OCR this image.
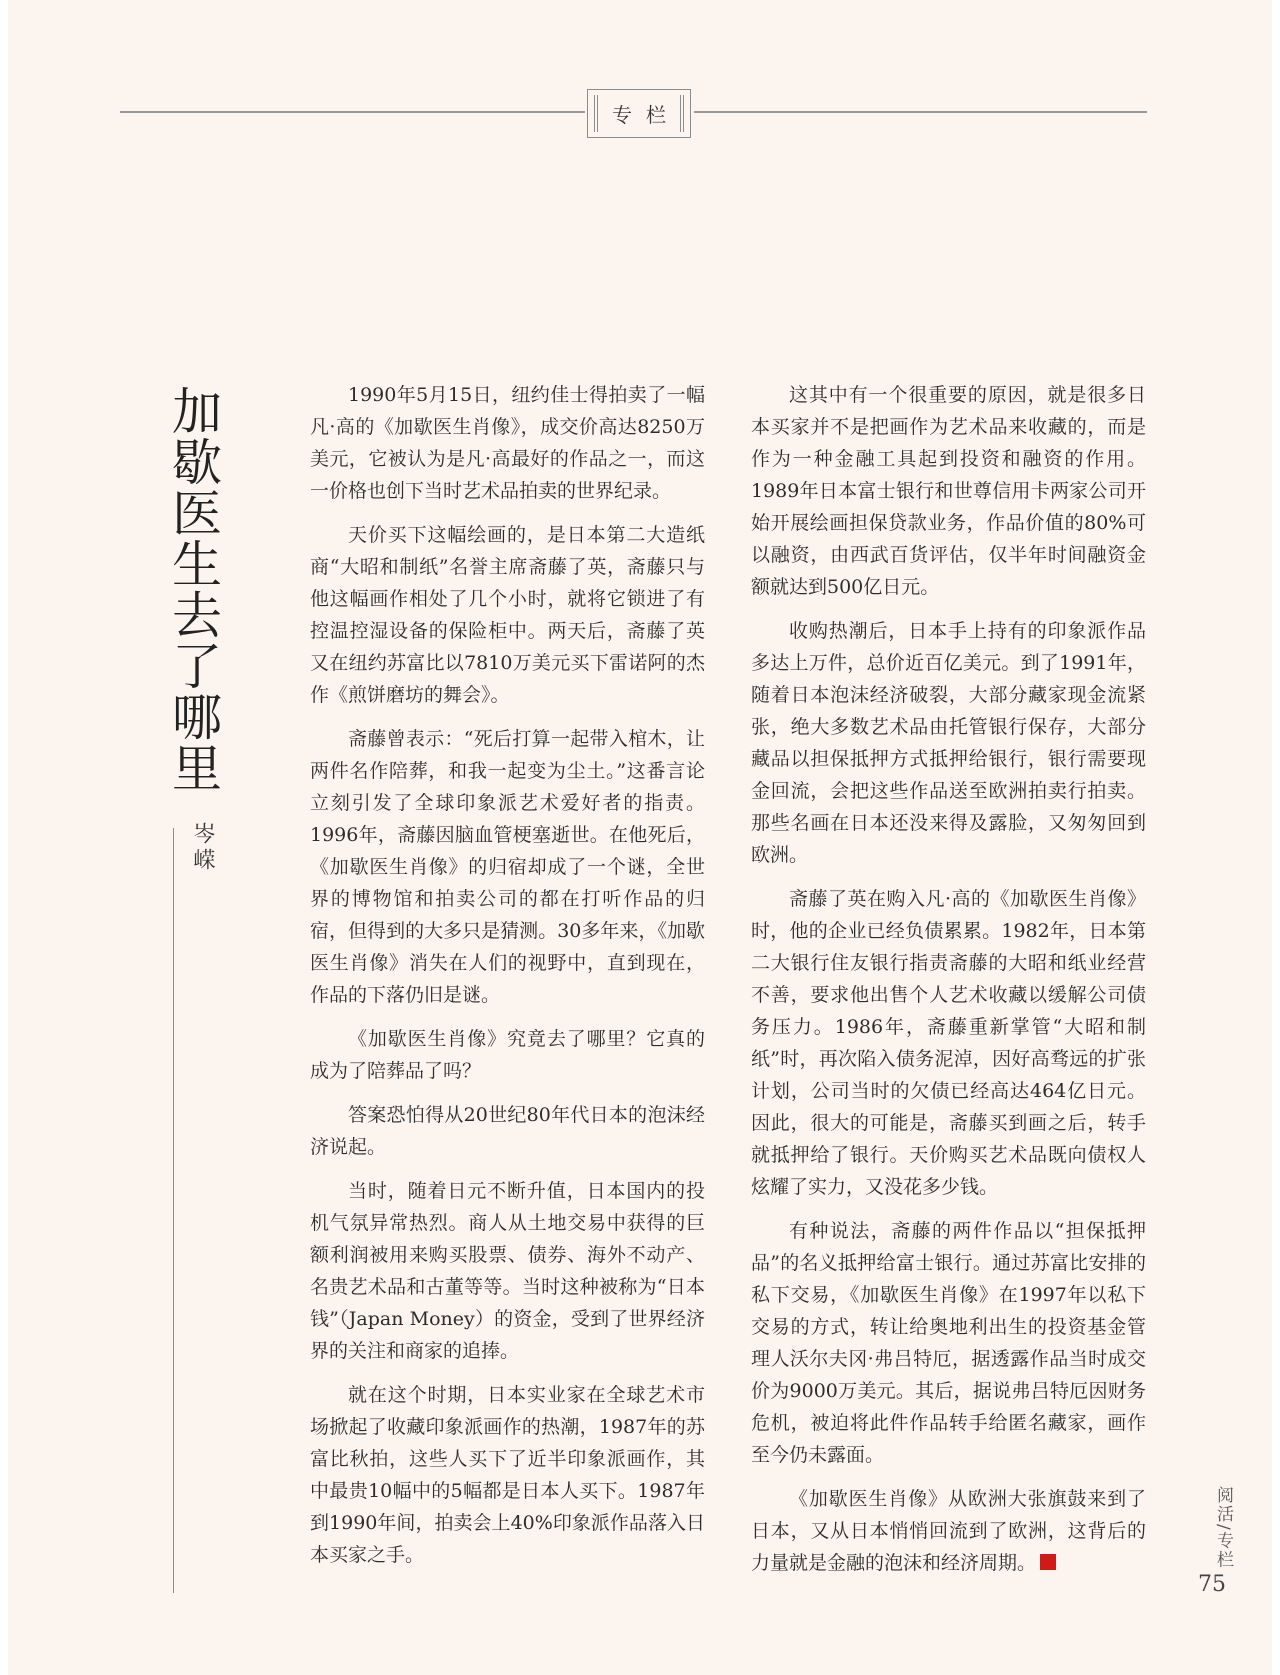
专栏
加歇医生去了哪里
岑嵘

1990年5月15日，纽约佳士得拍卖了一幅凡·高的《加歇医生肖像》，成交价高达8250万美元，它被认为是凡·高最好的作品之一，而这一价格也创下当时艺术品拍卖的世界纪录。

天价买下这幅绘画的，是日本第二大造纸商“大昭和制纸”名誉主席斋藤了英，斋藤只与他这幅画作相处了几个小时，就将它锁进了有控温控湿设备的保险柜中。两天后，斋藤了英又在纽约苏富比以7810万美元买下雷诺阿的杰作《煎饼磨坊的舞会》。

斋藤曾表示：“死后打算一起带入棺木，让两件名作陪葬，和我一起变为尘土。”这番言论立刻引发了全球印象派艺术爱好者的指责。1996年，斋藤因脑血管梗塞逝世。在他死后，《加歇医生肖像》的归宿却成了一个谜，全世界的博物馆和拍卖公司的都在打听作品的归宿，但得到的大多只是猜测。30多年来，《加歇医生肖像》消失在人们的视野中，直到现在，作品的下落仍旧是谜。

《加歇医生肖像》究竟去了哪里？它真的成为了陪葬品了吗？

答案恐怕得从20世纪80年代日本的泡沫经济说起。

当时，随着日元不断升值，日本国内的投机气氛异常热烈。商人从土地交易中获得的巨额利润被用来购买股票、债券、海外不动产、名贵艺术品和古董等等。当时这种被称为“日本钱”（Japan Money）的资金，受到了世界经济界的关注和商家的追捧。

就在这个时期，日本实业家在全球艺术市场掀起了收藏印象派画作的热潮，1987年的苏富比秋拍，这些人买下了近半印象派画作，其中最贵10幅中的5幅都是日本人买下。1987年到1990年间，拍卖会上40%印象派作品落入日本买家之手。

这其中有一个很重要的原因，就是很多日本买家并不是把画作为艺术品来收藏的，而是作为一种金融工具起到投资和融资的作用。1989年日本富士银行和世尊信用卡两家公司开始开展绘画担保贷款业务，作品价值的80%可以融资，由西武百货评估，仅半年时间融资金额就达到500亿日元。

收购热潮后，日本手上持有的印象派作品多达上万件，总价近百亿美元。到了1991年，随着日本泡沫经济破裂，大部分藏家现金流紧张，绝大多数艺术品由托管银行保存，大部分藏品以担保抵押方式抵押给银行，银行需要现金回流，会把这些作品送至欧洲拍卖行拍卖。那些名画在日本还没来得及露脸，又匆匆回到欧洲。

斋藤了英在购入凡·高的《加歇医生肖像》时，他的企业已经负债累累。1982年，日本第二大银行住友银行指责斋藤的大昭和纸业经营不善，要求他出售个人艺术收藏以缓解公司债务压力。1986年，斋藤重新掌管“大昭和制纸”时，再次陷入债务泥淖，因好高骛远的扩张计划，公司当时的欠债已经高达464亿日元。因此，很大的可能是，斋藤买到画之后，转手就抵押给了银行。天价购买艺术品既向债权人炫耀了实力，又没花多少钱。

有种说法，斋藤的两件作品以“担保抵押品”的名义抵押给富士银行。通过苏富比安排的私下交易，《加歇医生肖像》在1997年以私下交易的方式，转让给奥地利出生的投资基金管理人沃尔夫冈·弗吕特厄，据透露作品当时成交价为9000万美元。其后，据说弗吕特厄因财务危机，被迫将此件作品转手给匿名藏家，画作至今仍未露面。

《加歇医生肖像》从欧洲大张旗鼓来到了日本，又从日本悄悄回流到了欧洲，这背后的力量就是金融的泡沫和经济周期。	阅活/专栏
75
